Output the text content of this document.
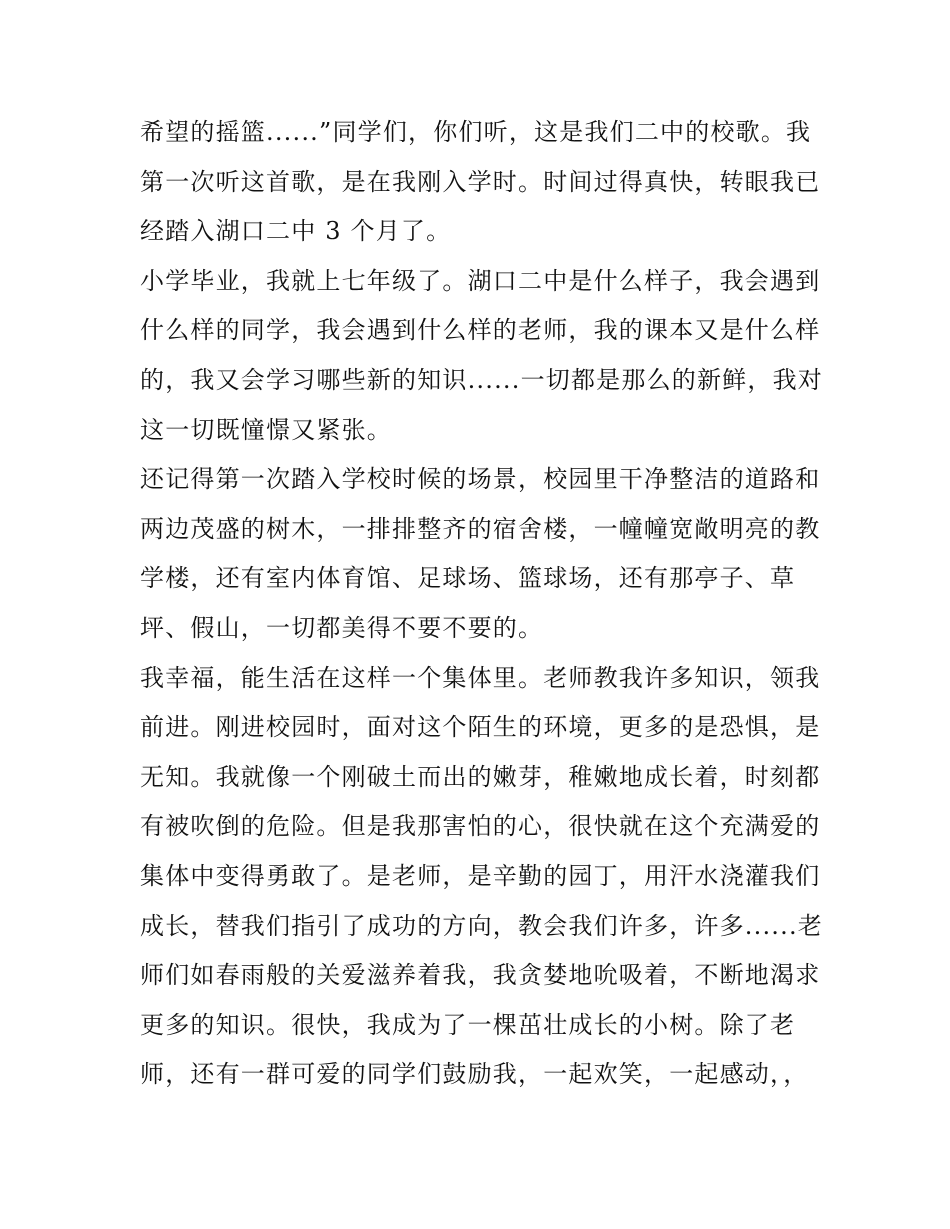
希望的摇篮......”同学们，你们听，这是我们二中的校歌。我
第一次听这首歌，是在我刚入学时。时间过得真快，转眼我已
经踏入湖口二中 3 个月了。
小学毕业，我就上七年级了。湖口二中是什么样子，我会遇到
什么样的同学，我会遇到什么样的老师，我的课本又是什么样
的，我又会学习哪些新的知识......一切都是那么的新鲜，我对
这一切既憧憬又紧张。
还记得第一次踏入学校时候的场景，校园里干净整洁的道路和
两边茂盛的树木，一排排整齐的宿舍楼，一幢幢宽敞明亮的教
学楼，还有室内体育馆、足球场、篮球场，还有那亭子、草
坪、假山，一切都美得不要不要的。
我幸福，能生活在这样一个集体里。老师教我许多知识，领我
前进。刚进校园时，面对这个陌生的环境，更多的是恐惧，是
无知。我就像一个刚破土而出的嫩芽，稚嫩地成长着，时刻都
有被吹倒的危险。但是我那害怕的心，很快就在这个充满爱的
集体中变得勇敢了。是老师，是辛勤的园丁，用汗水浇灌我们
成长，替我们指引了成功的方向，教会我们许多，许多......老
师们如春雨般的关爱滋养着我，我贪婪地吮吸着，不断地渴求
更多的知识。很快，我成为了一棵茁壮成长的小树。除了老
师，还有一群可爱的同学们鼓励我，一起欢笑，一起感动，，
